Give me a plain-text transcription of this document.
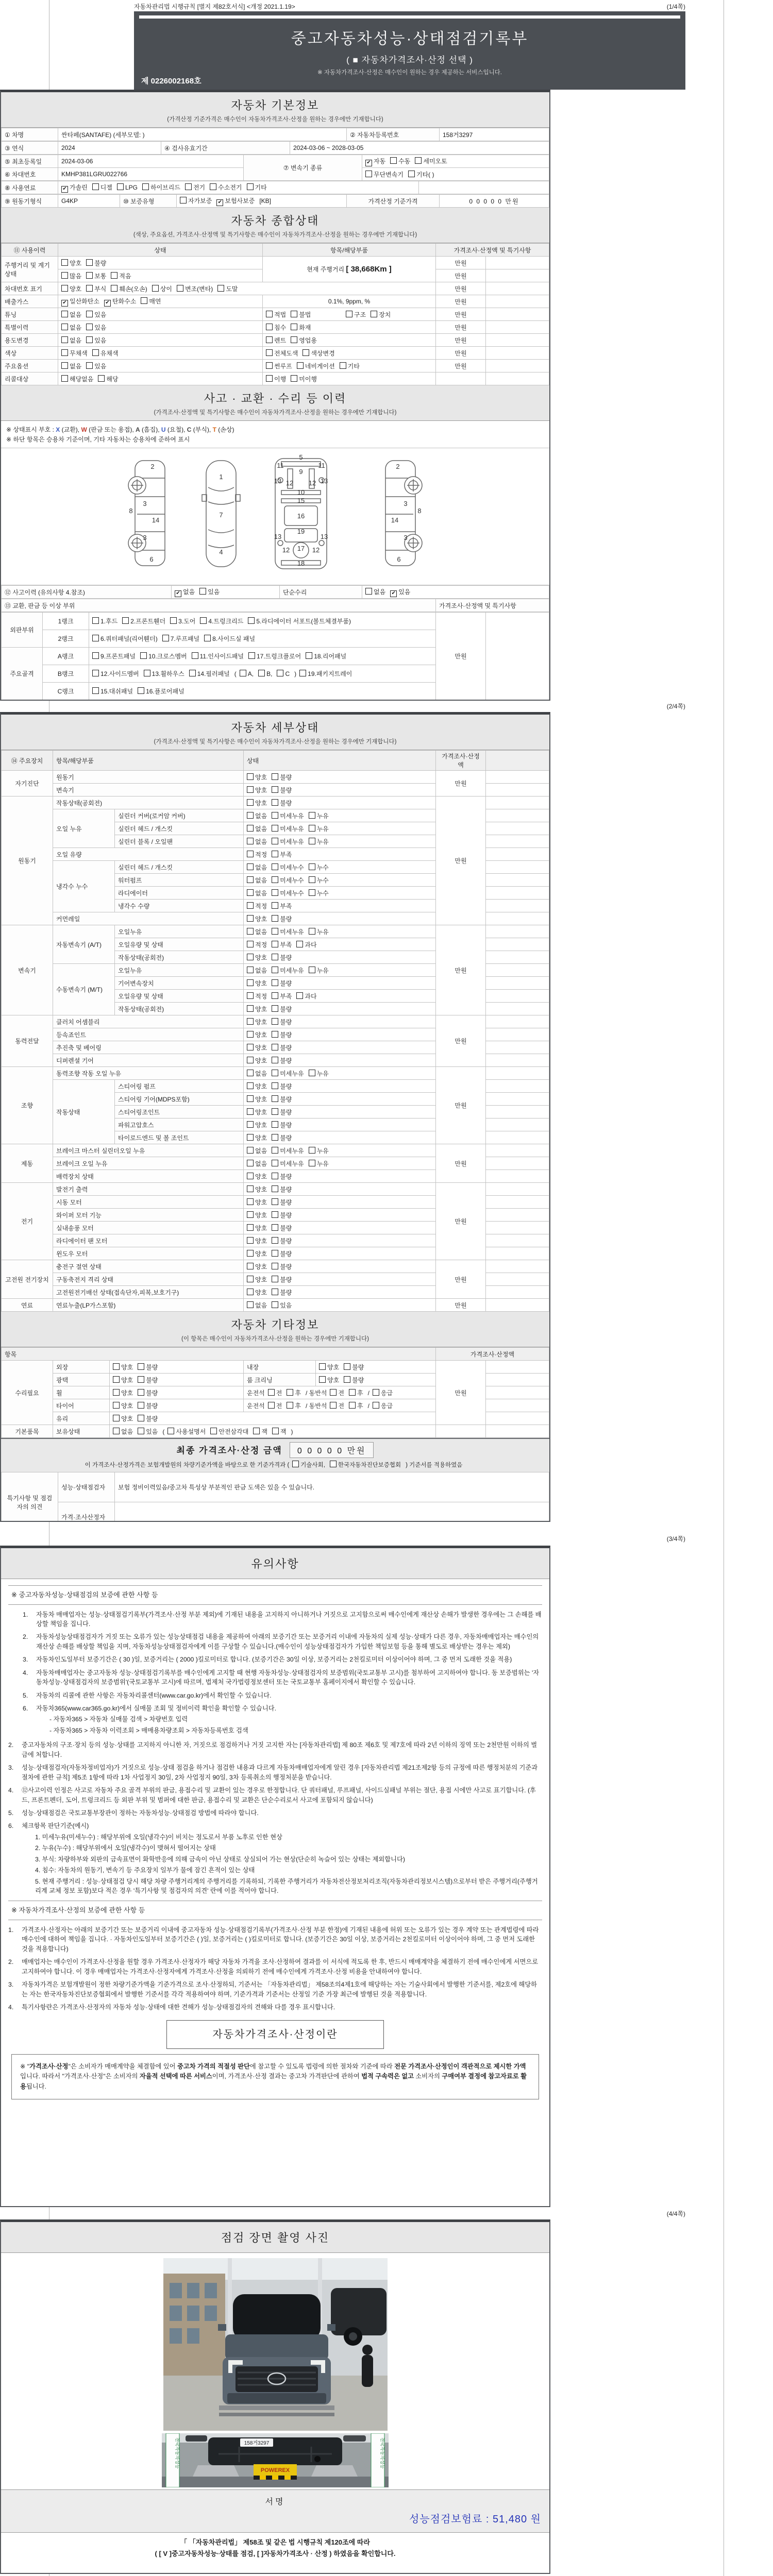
자동차관리법 시행규칙 [별지 제82호서식] <개정 2021.1.19>	(1/4쪽)
중고자동차성능·상태점검기록부
( ■ 자동차가격조사·산정 선택 )
※ 자동차가격조사·산정은 매수인이 원하는 경우 제공하는 서비스입니다.
제 0226002168호
자동차 기본정보
(가격산정 기준가격은 매수인이 자동차가격조사·산정을 원하는 경우에만 기재합니다)
① 차명	싼타페(SANTAFE) (세부모델: )	② 자동차등록번호	158거3297
③ 연식	2024	④ 검사유효기간	2024-03-06 ~ 2028-03-05
⑤ 최초등록일	2024-03-06	⑦ 변속기 종류	✔ 자동 수동 세미오토
⑥ 차대번호	KMHP381LGRU022766		무단변속기 기타( )
⑧ 사용연료	✔ 가솔린 디젤 LPG 하이브리드 전기 수소전기 기타	
⑨ 원동기형식	G4KP	⑩ 보증유형	자가보증 ✔ 보험사보증 [KB]	가격산정 기준가격	0 0 0 0 0 만원
자동차 종합상태
(색상, 주요옵션, 가격조사·산정액 및 특기사항은 매수인이 자동차가격조사·산정을 원하는 경우에만 기재합니다)
⑪ 사용이력	상태	항목/해당부품	가격조사·산정액 및 특기사항	
주행거리 및 계기상태	양호 불량	현재 주행거리 [ 38,668Km ]	만원	
	많음 보통 적음		만원	
차대번호 표기	양호 부식 훼손(오손) 상이 변조(변타) 도말		만원	
배출가스	✔ 일산화탄소 ✔ 탄화수소 매연	0.1%, 9ppm, %	만원	
튜닝	없음 있음	적법 불법 구조 장치	만원	
특별이력	없음 있음	침수 화재	만원	
용도변경	없음 있음	렌트 영업용	만원	
색상	무채색 유채색	전체도색 색상변경	만원	
주요옵션	없음 있음	썬루프 네비게이션 기타	만원	
리콜대상	해당없음 해당	이행 미이행		
사고 · 교환 · 수리 등 이력
(가격조사·산정액 및 특기사항은 매수인이 자동차가격조사·산정을 원하는 경우에만 기재합니다)
※ 상태표시 부호 : X (교환), W (판금 또는 용접), A (흠집), U (요철), C (부식), T (손상)
※ 하단 항목은 승용차 기준이며, 기타 자동차는 승용차에 준하여 표시
2
8
3
14
3
6
1
7
4
5
11	11
9
13	13
12 12
10
15
16
19
13	13
12	12
17
18
2
8
3
14
3
6
⑫ 사고이력 (유의사항 4.참조)	✔ 없음 있음	단순수리	없음 ✔ 있음
⑬ 교환, 판금 등 이상 부위	가격조사·산정액 및 특기사항
외판부위	1랭크	1.후드 2.프론트휀더 3.도어 4.트렁크리드 5.라디에이터 서포트(볼트체결부품)	만원	
	2랭크	6.쿼터패널(리어휀더) 7.루프패널 8.사이드실 패널		
주요골격	A랭크	9.프론트패널 10.크로스멤버 11.인사이드패널 17.트렁크플로어 18.리어패널		
	B랭크	12.사이드멤버 13.휠하우스 14.필러패널 ( A, B, C ) 19.패키지트레이		
	C랭크	15.대쉬패널 16.플로어패널		
(2/4쪽)
자동차 세부상태
(가격조사·산정액 및 특기사항은 매수인이 자동차가격조사·산정을 원하는 경우에만 기재합니다)
⑭ 주요장치	항목/해당부품		상태	가격조사·산정액	
자기진단	원동기		양호 불량	만원	
	변속기		양호 불량		
원동기	작동상태(공회전)		양호 불량	만원	
	오일 누유	실린더 커버(로커암 커버)	없음 미세누유 누유		
		실린더 헤드 / 개스킷	없음 미세누유 누유		
		실린더 블록 / 오일팬	없음 미세누유 누유		
	오일 유량		적정 부족		
	냉각수 누수	실린더 헤드 / 개스킷	없음 미세누수 누수		
		워터펌프	없음 미세누수 누수		
		라디에이터	없음 미세누수 누수		
		냉각수 수량	적정 부족		
	커먼레일		양호 불량		
변속기	자동변속기 (A/T)	오일누유	없음 미세누유 누유	만원	
		오일유량 및 상태	적정 부족 과다		
		작동상태(공회전)	양호 불량		
	수동변속기 (M/T)	오일누유	없음 미세누유 누유		
		기어변속장치	양호 불량		
		오일유량 및 상태	적정 부족 과다		
		작동상태(공회전)	양호 불량		
동력전달	클러치 어셈블리		양호 불량	만원	
	등속죠인트		양호 불량		
	추진축 및 베어링		양호 불량		
	디퍼렌셜 기어		양호 불량		
조향	동력조향 작동 오일 누유		없음 미세누유 누유	만원	
	작동상태	스티어링 펌프	양호 불량		
		스티어링 기어(MDPS포함)	양호 불량		
		스티어링조인트	양호 불량		
		파워고압호스	양호 불량		
		타이로드엔드 및 볼 조인트	양호 불량		
제동	브레이크 마스터 실린더오일 누유		없음 미세누유 누유	만원	
	브레이크 오일 누유		없음 미세누유 누유		
	배력장치 상태		양호 불량		
전기	발전기 출력		양호 불량	만원	
	시동 모터		양호 불량		
	와이퍼 모터 기능		양호 불량		
	실내송풍 모터		양호 불량		
	라디에이터 팬 모터		양호 불량		
	윈도우 모터		양호 불량		
고전원 전기장치	충전구 절연 상태		양호 불량	만원	
	구동축전지 격리 상태		양호 불량		
	고전원전기배선 상태(접속단자,피복,보호기구)		양호 불량		
연료	연료누출(LP가스포함)		없음 있음	만원	
자동차 기타정보
(이 항목은 매수인이 자동차가격조사·산정을 원하는 경우에만 기재합니다)
항목					가격조사·산정액	
수리필요	외장	양호 불량	내장	양호 불량	만원	
	광택	양호 불량	룸 크리닝	양호 불량		
	휠	양호 불량	운전석 전 후 / 동반석 전 후 / 응급			
	타이어	양호 불량	운전석 전 후 / 동반석 전 후 / 응급			
	유리	양호 불량				
기본품목	보유상태	없음 있음 ( 사용설명서 안전삼각대 잭 잭 )				
최종 가격조사·산정 금액 0 0 0 0 0 만원
이 가격조사·산정가격은 보험개발원의 차량기준가액을 바탕으로 한 기준가격과 ( 기술사회, 한국자동차진단보증협회 ) 기준서를 적용하였음
특기사항 및 점검자의 의견	성능·상태점검자	보험 정비이력있음/중고차 특성상 부분적인 판금 도색은 있을 수 있습니다.
	가격·조사산정자	
(3/4쪽)
유의사항
※ 중고자동차성능·상태점검의 보증에 관한 사항 등
1.	자동차 매매업자는 성능·상태점검기록부(가격조사·산정 부분 제외)에 기재된 내용을 고지하지 아니하거나 거짓으로 고지함으로써 매수인에게 재산상 손해가 발생한 경우에는 그 손해를 배상할 책임을 집니다.
2.	자동차성능상태점검자가 거짓 또는 오류가 있는 성능상태점검 내용을 제공하여 아래의 보증기간 또는 보증거리 이내에 자동차의 실제 성능·상태가 다른 경우, 자동차매매업자는 매수인의 재산상 손해를 배상할 책임을 지며, 자동차성능상태점검자에게 이를 구상할 수 있습니다.(매수인이 성능상태점검자가 가입한 책임보험 등을 통해 별도로 배상받는 경우는 제외)
3.	자동차인도일부터 보증기간은 ( 30 )일, 보증거리는 ( 2000 )킬로미터로 합니다. (보증기간은 30일 이상, 보증거리는 2천킬로미터 이상이어야 하며, 그 중 먼저 도래한 것을 적용)
4.	자동차매매업자는 중고자동차 성능·상태점검기록부를 매수인에게 고지할 때 현행 자동차성능·상태점검자의 보증범위(국토교통부 고시)를 첨부하여 고지하여야 합니다. 동 보증범위는 '자동차성능·상태점검자의 보증범위'(국토교통부 고시)에 따르며, 법제처 국가법령정보센터 또는 국토교통부 홈페이지에서 확인할 수 있습니다.
5.	자동차의 리콜에 관한 사항은 자동차리콜센터(www.car.go.kr)에서 확인할 수 있습니다.
6.	자동차365(www.car365.go.kr)에서 실매물 조회 및 정비이력 확인을 확인할 수 있습니다.
- 자동차365 > 자동차 실매물 검색 > 차량번호 입력
- 자동차365 > 자동차 이력조회 > 매매용차량조회 > 자동차등록번호 검색
2.	중고자동차의 구조·장치 등의 성능·상태를 고지하지 아니한 자, 거짓으로 점검하거나 거짓 고지한 자는 [자동차관리법] 제 80조 제6호 및 제7호에 따라 2년 이하의 징역 또는 2천만원 이하의 벌금에 처합니다.
3.	성능·상태점검자(자동차정비업자)가 거짓으로 성능·상태 점검을 하거나 점검한 내용과 다르게 자동차매매업자에게 알린 경우 [자동차관리법 제21조제2항 등의 규정에 따른 행정처분의 기준과 절차에 관한 규칙] 제5조 1항에 따라 1차 사업정지 30일, 2차 사업정지 90일, 3차 등록취소의 행정처분을 받습니다.
4.	⑫사고이력 인정은 사고로 자동차 주요 골격 부위의 판금, 용접수리 및 교환이 있는 경우로 한정합니다. 단 쿼터패널, 루프패널, 사이드실패널 부위는 절단, 용접 시에만 사고로 표기합니다. (후드, 프론트펜더, 도어, 트렁크리드 등 외판 부위 및 범퍼에 대한 판금, 용접수리 및 교환은 단순수리로서 사고에 포함되지 않습니다)
5.	성능·상태점검은 국토교통부장관이 정하는 자동차성능·상태점검 방법에 따라야 합니다.
6.	체크항목 판단기준(예시)
1. 미세누유(미세누수) : 해당부위에 오일(냉각수)이 비치는 정도로서 부품 노후로 인한 현상
2. 누유(누수) : 해당부위에서 오일(냉각수)이 맺혀서 떨어지는 상태
3. 부식: 차량하부와 외판의 금속표면이 화학반응에 의해 금속이 아닌 상태로 상실되어 가는 현상(단순히 녹슬어 있는 상태는 제외합니다)
4. 침수: 자동차의 원동기, 변속기 등 주요장치 일부가 물에 잠긴 흔적이 있는 상태
5. 현재 주행거리 : 성능·상태점검 당시 해당 차량 주행거리계의 주행거리를 기록하되, 기록한 주행거리가 자동차전산정보처리조직(자동차관리정보시스템)으로부터 받은 주행거리(주행거리계 교체 정보 포함)보다 적은 경우 '특기사항 및 점검자의 의견' 란에 이를 적어야 합니다.
※ 자동차가격조사·산정의 보증에 관한 사항 등
1.	가격조사·산정자는 아래의 보증기간 또는 보증거리 이내에 중고자동차 성능·상태점검기록부(가격조사·산정 부분 한정)에 기재된 내용에 허위 또는 오류가 있는 경우 계약 또는 관계법령에 따라 매수인에 대하여 책임을 집니다. · 자동차인도일부터 보증기간은 ( )일, 보증거리는 ( )킬로미터로 합니다. (보증기간은 30일 이상, 보증거리는 2천킬로미터 이상이어야 하며, 그 중 먼저 도래한 것을 적용합니다)
2.	매매업자는 매수인이 가격조사·산정을 원할 경우 가격조사·산정자가 해당 자동차 가격을 조사·산정하여 결과를 이 서식에 적도록 한 후, 반드시 매매계약을 체결하기 전에 매수인에게 서면으로 고지하여야 합니다. 이 경우 매매업자는 가격조사·산정자에게 가격조사·산정을 의뢰하기 전에 매수인에게 가격조사·산정 비용을 안내하여야 합니다.
3.	자동차가격은 보험개발원이 정한 차량기준가액을 기준가격으로 조사·산정하되, 기준서는 「자동차관리법」 제58조의4제1호에 해당하는 자는 기술사회에서 발행한 기준서를, 제2호에 해당하는 자는 한국자동차진단보증협회에서 발행한 기준서를 각각 적용하여야 하며, 기준가격과 기준서는 산정일 기준 가장 최근에 발행된 것을 적용합니다.
4.	특기사항란은 가격조사·산정자의 자동차 성능·상태에 대한 견해가 성능·상태점검자의 견해와 다를 경우 표시합니다.
자동차가격조사·산정이란
※ "가격조사·산정"은 소비자가 매매계약을 체결함에 있어 중고차 가격의 적절성 판단에 참고할 수 있도록 법령에 의한 절차와 기준에 따라 전문 가격조사·산정인이 객관적으로 제시한 가액입니다. 따라서 "가격조사·산정"은 소비자의 자율적 선택에 따른 서비스이며, 가격조사·산정 결과는 중고차 가격판단에 관하여 법적 구속력은 없고 소비자의 구매여부 결정에 참고자료로 활용됩니다.
(4/4쪽)
점검 장면 촬영 사진
158거3297
POWEREX
전국자동차성능	전국자동차성능
서명
성능점검보험료 : 51,480 원
「 「자동차관리법」 제58조 및 같은 법 시행규칙 제120조에 따라
( [ V ]중고자동차성능·상태를 점검, [ ]자동차가격조사 · 산정 ) 하였음을 확인합니다.
